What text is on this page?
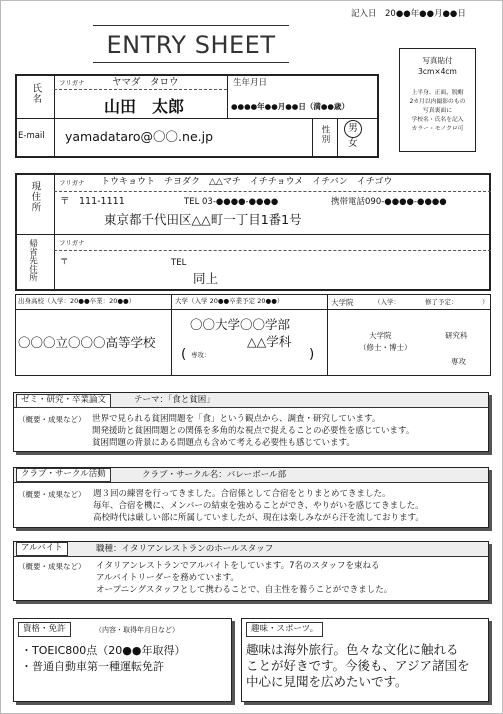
記入日　20●●年●●月●●日
ENTRY SHEET
写真貼付
3cm×4cm
上半身、正面、脱帽
2カ月以内撮影のもの
写真裏面に
学校名・氏名を記入
カラー・モノクロ可
氏名	フリガナ	ヤマダ　タロウ
山田　太郎
生年月日
●●●●年●●月●●日（満●●歳）
E-mail yamadataro@〇〇.ne.jp	性別	男
女
現住所	フリガナ トウキョウト　チヨダク　△△マチ　イチチョウメ　イチバン　イチゴウ
〒　111-1111	TEL 03-●●●●-●●●●	携帯電話090-●●●●-●●●●
東京都千代田区△△町一丁目1番1号
帰省先住所	フリガナ
〒	TEL
同上
出身高校（入学：20●●卒業：20●●）
〇〇〇立〇〇〇高等学校
大学（入学 20●●卒業予定 20●●）
〇〇大学〇〇学部
△△学科
( 専攻：	)
大学院	（入学：	修了予定：	）
大学院
（修士・博士）
研究科
専攻
ゼミ・研究・卒業論文	テーマ：「食と貧困」
（概要・成果など） 世界で見られる貧困問題を「食」という観点から、調査・研究しています。
開発援助と貧困問題との関係を多角的な視点で捉えることの必要性を感じています。
貧困問題の背景にある問題点も含めて考える必要性も感じています。
クラブ・サークル活動	クラブ・サークル名：バレーボール部
（概要・成果など） 週３回の練習を行ってきました。合宿係として合宿をとりまとめてきました。
毎年、合宿を機に、メンバーの結束を強めることができ、やりがいを感じてきました。
高校時代は厳しい部に所属していましたが、現在は楽しみながら汗を流しております。
アルバイト	職種：イタリアンレストランのホールスタッフ
（概要・成果など） イタリアンレストランでアルバイトをしています。7名のスタッフを束ねる
アルバイトリーダーを務めています。
オープニングスタッフとして携わることで、自主性を養うことができました。
資格・免許	（内容・取得年月日など）
・TOEIC800点（20●●年取得）
・普通自動車第一種運転免許
趣味・スポーツ。
趣味は海外旅行。色々な文化に触れる
ことが好きです。今後も、アジア諸国を
中心に見聞を広めたいです。
